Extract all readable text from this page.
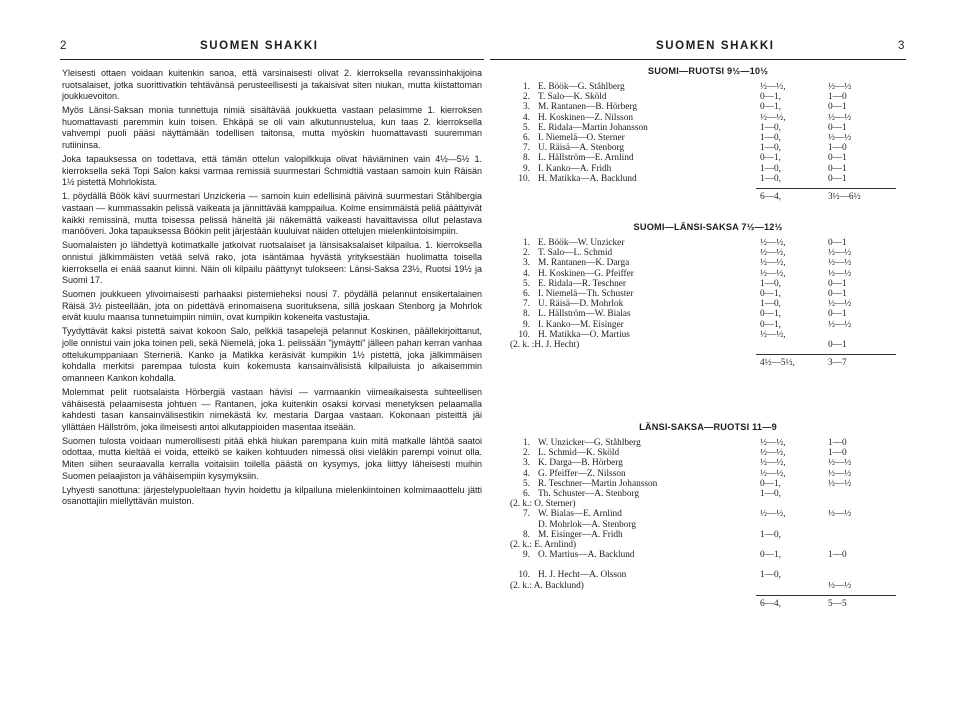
2	SUOMEN SHAKKI

Yleisesti ottaen voidaan kuitenkin sanoa, että varsinaisesti olivat 2. kierroksella revanssinhakijoina ruotsalaiset, jotka suorittivatkin tehtävänsä perusteellisesti ja takaisivat siten niukan, mutta kiistattoman joukkuevoiton.

Myös Länsi-Saksan monia tunnettuja nimiä sisältävää joukkuetta vastaan pelasimme 1. kierroksen huomattavasti paremmin kuin toisen. Ehkäpä se oli vain alkutunnustelua, kun taas 2. kierroksella vahvempi puoli pääsi näyttämään todellisen taitonsa, mutta myöskin huomattavasti suuremman rutiininsa.

Joka tapauksessa on todettava, että tämän ottelun valopilkkuja olivat häviäminen vain 4½—5½ 1. kierroksella sekä Topi Salon kaksi varmaa remissiä suurmestari Schmidtiä vastaan samoin kuin Räisän 1½ pistettä Mohrlokista.

1. pöydällä Böök kävi suurmestari Unzickeria — samoin kuin edellisinä päivinä suurmestari Ståhlbergia vastaan — kummassakin pelissä vaikeata ja jännittävää kamppailua. Kolme ensimmäistä peliä päättyivät kaikki remissinä, mutta toisessa pelissä häneltä jäi näkemättä vaikeasti havaittavissa ollut pelastava manööveri. Joka tapauksessa Böökin pelit järjestään kuuluivat näiden ottelujen mielenkiintoisimpiin.

Suomalaisten jo lähdettyä kotimatkalle jatkoivat ruotsalaiset ja länsisaksalaiset kilpailua. 1. kierroksella onnistui jälkimmäisten vetää selvä rako, jota isäntämaa hyvästä yrityksestään huolimatta toisella kierroksella ei enää saanut kiinni. Näin oli kilpailu päättynyt tulokseen: Länsi-Saksa 23½, Ruotsi 19½ ja Suomi 17.

Suomen joukkueen ylivoimaisesti parhaaksi pistemieheksi nousi 7. pöydällä pelannut ensikertalainen Räisä 3½ pisteellään, jota on pidettävä erinomaisena suorituksena, sillä joskaan Stenborg ja Mohrlok eivät kuulu maansa tunnetuimpiin nimiin, ovat kumpikin kokeneita vastustajia.

Tyydyttävät kaksi pistettä saivat kokoon Salo, pelkkiä tasapelejä pelannut Koskinen, päällekirjoittanut, jolle onnistui vain joka toinen peli, sekä Niemelä, joka 1. pelissään "jymäytti" jälleen pahan kerran vanhaa ottelukumppaniaan Sterneriä. Kanko ja Matikka keräsivät kumpikin 1½ pistettä, joka jälkimmäisen kohdalla merkitsi parempaa tulosta kuin kokemusta kansainvälisistä kilpailuista jo aikaisemmin omanneen Kankon kohdalla.

Molemmat pelit ruotsalaista Hörbergiä vastaan hävisi — varmaankin viimeaikaisesta suhteellisen vähäisestä pelaamisesta johtuen — Rantanen, joka kuitenkin osaksi korvasi menetyksen pelaamalla kahdesti tasan kansainvälisestikin nimekästä kv. mestaria Dargaa vastaan. Kokonaan pisteittä jäi yllättäen Hällström, joka ilmeisesti antoi alkutappioiden masentaa itseään.

Suomen tulosta voidaan numerollisesti pitää ehkä hiukan parempana kuin mitä matkalle lähtöä saatoi odottaa, mutta kieltää ei voida, etteikö se kaiken kohtuuden nimessä olisi vieläkin parempi voinut olla. Miten siihen seuraavalla kerralla voitaisiin toilella päästä on kysymys, joka liittyy läheisesti muihin Suomen pelaajiston ja vähäisempiin kysymyksiin.

Lyhyesti sanottuna: järjestelypuoleltaan hyvin hoidettu ja kilpailuna mielenkiintoinen kolmimaaottelu jätti osanottajiin miellyttävän muiston.

SUOMEN SHAKKI	3
SUOMI—RUOTSI 9½—10½
1. E. Böök—G. Ståhlberg	½—½,	½—½
2. T. Salo—K. Sköld	0—1,	1—0
3. M. Rantanen—B. Hörberg	0—1,	0—1
4. H. Koskinen—Z. Nilsson	½—½,	½—½
5. E. Ridala—Martin Johansson	1—0,	0—1
6. I. Niemelä—O. Sterner	1—0,	½—½
7. U. Räisä—A. Stenborg	1—0,	1—0
8. L. Hällström—E. Arnlind	0—1,	0—1
9. I. Kanko—A. Fridh	1—0,	0—1
10. H. Matikka—A. Backlund	1—0,	0—1
6—4,	3½—6½
SUOMI—LÄNSI-SAKSA 7½—12½
1. E. Böök—W. Unzicker	½—½,	0—1
2. T. Salo—L. Schmid	½—½,	½—½
3. M. Rantanen—K. Darga	½—½,	½—½
4. H. Koskinen—G. Pfeiffer	½—½,	½—½
5. E. Ridala—R. Teschner	1—0,	0—1
6. I. Niemelä—Th. Schuster	0—1,	0—1
7. U. Räisä—D. Mohrlok	1—0,	½—½
8. L. Hällström—W. Bialas	0—1,	0—1
9. I. Kanko—M. Eisinger	0—1,	½—½
10. H. Matikka—O. Martius	½—½,
(2. k. :H. J. Hecht)	0—1
4½—5½,	3—7
LÄNSI-SAKSA—RUOTSI 11—9
1. W. Unzicker—G. Ståhlberg	½—½,	1—0
2. L. Schmid—K. Sköld	½—½,	1—0
3. K. Darga—B. Hörberg	½—½,	½—½
4. G. Pfeiffer—Z. Nilsson	½—½,	½—½
5. R. Teschner—Martin Johansson	0—1,	½—½
6. Th. Schuster—A. Stenborg	1—0,
(2. k.: O. Sterner)
7. W. Bialas—E. Arnlind	½—½,	½—½
D. Mohrlok—A. Stenborg
8. M. Eisinger—A. Fridh	1—0,
(2. k.: E. Arnlind)
9. O. Martius—A. Backlund	0—1,	1—0
10. H. J. Hecht—A. Olsson	1—0,
(2. k.: A. Backlund)	½—½
6—4,	5—5
